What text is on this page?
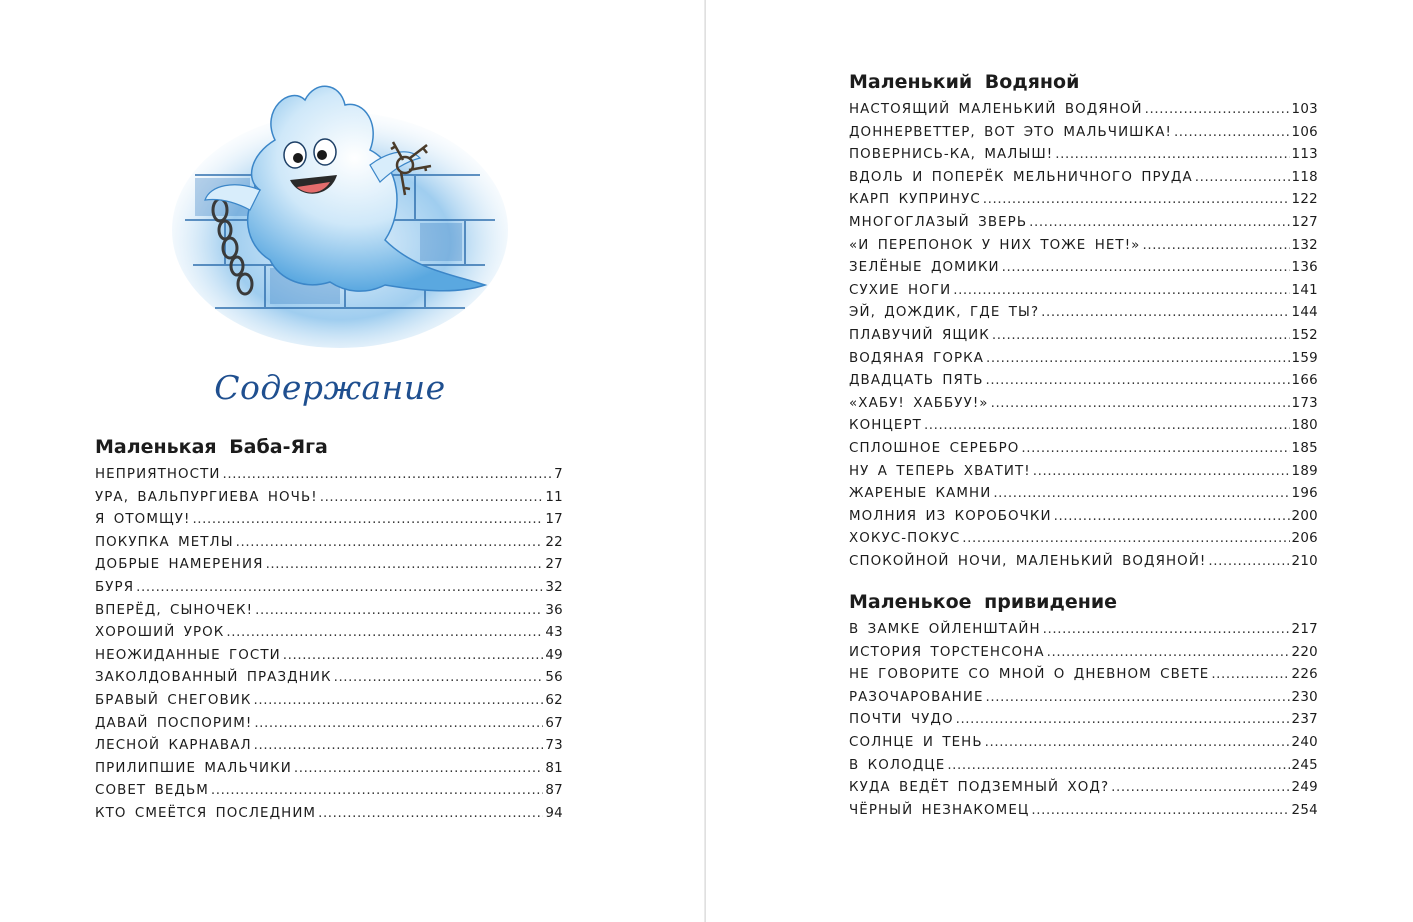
Содержание
Маленькая Баба-Яга
НЕПРИЯТНОСТИ .....	7
УРА, ВАЛЬПУРГИЕВА НОЧЬ! .....	11
Я ОТОМЩУ! .....	17
ПОКУПКА МЕТЛЫ .....	22
ДОБРЫЕ НАМЕРЕНИЯ .....	27
БУРЯ .....	32
ВПЕРЁД, СЫНОЧЕК! .....	36
ХОРОШИЙ УРОК .....	43
НЕОЖИДАННЫЕ ГОСТИ .....	49
ЗАКОЛДОВАННЫЙ ПРАЗДНИК .....	56
БРАВЫЙ СНЕГОВИК .....	62
ДАВАЙ ПОСПОРИМ! .....	67
ЛЕСНОЙ КАРНАВАЛ .....	73
ПРИЛИПШИЕ МАЛЬЧИКИ .....	81
СОВЕТ ВЕДЬМ .....	87
КТО СМЕЁТСЯ ПОСЛЕДНИМ .....	94
Маленький Водяной
НАСТОЯЩИЙ МАЛЕНЬКИЙ ВОДЯНОЙ .....	103
ДОННЕРВЕТТЕР, ВОТ ЭТО МАЛЬЧИШКА! .....	106
ПОВЕРНИСЬ-КА, МАЛЫШ! .....	113
ВДОЛЬ И ПОПЕРЁК МЕЛЬНИЧНОГО ПРУДА .....	118
КАРП КУПРИНУС .....	122
МНОГОГЛАЗЫЙ ЗВЕРЬ .....	127
«И ПЕРЕПОНОК У НИХ ТОЖЕ НЕТ!» .....	132
ЗЕЛЁНЫЕ ДОМИКИ .....	136
СУХИЕ НОГИ .....	141
ЭЙ, ДОЖДИК, ГДЕ ТЫ? .....	144
ПЛАВУЧИЙ ЯЩИК .....	152
ВОДЯНАЯ ГОРКА .....	159
ДВАДЦАТЬ ПЯТЬ .....	166
«ХАБУ! ХАББУУ!» .....	173
КОНЦЕРТ .....	180
СПЛОШНОЕ СЕРЕБРО .....	185
НУ А ТЕПЕРЬ ХВАТИТ! .....	189
ЖАРЕНЫЕ КАМНИ .....	196
МОЛНИЯ ИЗ КОРОБОЧКИ .....	200
ХОКУС-ПОКУС .....	206
СПОКОЙНОЙ НОЧИ, МАЛЕНЬКИЙ ВОДЯНОЙ! .....	210
Маленькое привидение
В ЗАМКЕ ОЙЛЕНШТАЙН .....	217
ИСТОРИЯ ТОРСТЕНСОНА .....	220
НЕ ГОВОРИТЕ СО МНОЙ О ДНЕВНОМ СВЕТЕ .....	226
РАЗОЧАРОВАНИЕ .....	230
ПОЧТИ ЧУДО .....	237
СОЛНЦЕ И ТЕНЬ .....	240
В КОЛОДЦЕ .....	245
КУДА ВЕДЁТ ПОДЗЕМНЫЙ ХОД? .....	249
ЧЁРНЫЙ НЕЗНАКОМЕЦ .....	254
